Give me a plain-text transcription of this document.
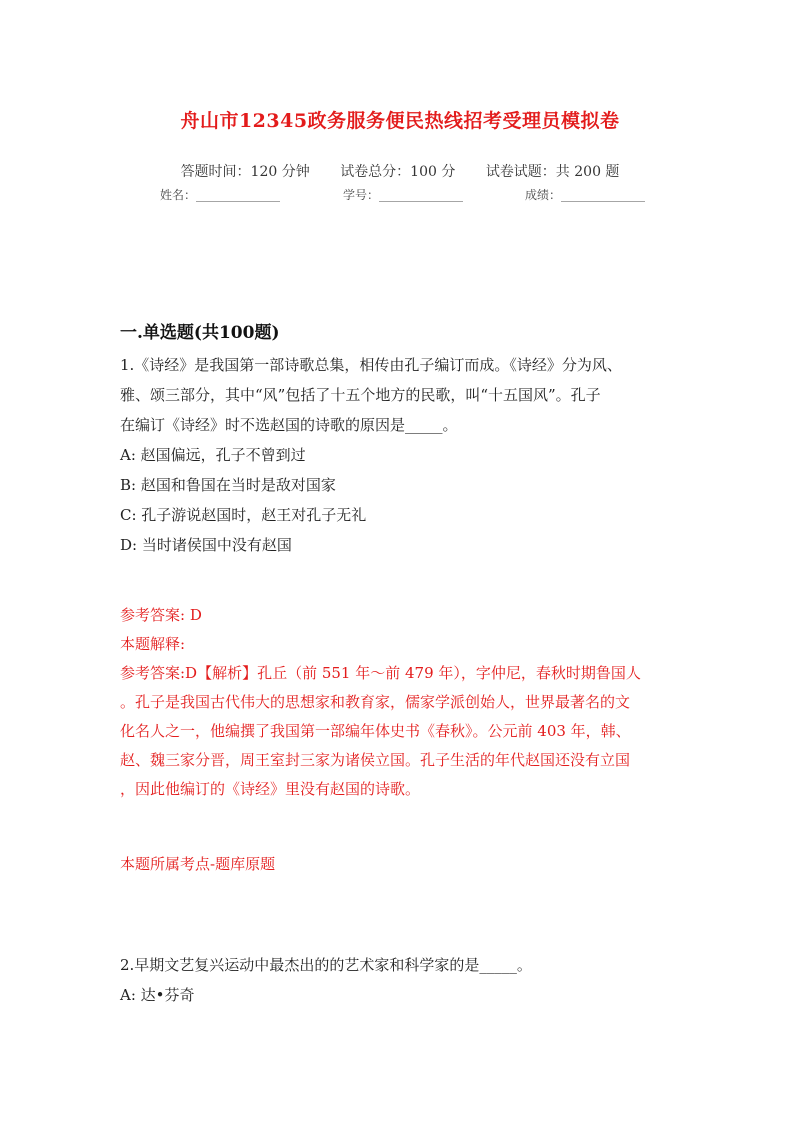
舟山市12345政务服务便民热线招考受理员模拟卷
答题时间：120 分钟 试卷总分：100 分 试卷试题：共 200 题
姓名：______________	学号：______________	成绩：______________
一.单选题(共100题)

1.《诗经》是我国第一部诗歌总集，相传由孔子编订而成。《诗经》分为风、

雅、颂三部分，其中“风”包括了十五个地方的民歌，叫“十五国风”。孔子

在编订《诗经》时不选赵国的诗歌的原因是_____。

A: 赵国偏远，孔子不曾到过

B: 赵国和鲁国在当时是敌对国家

C: 孔子游说赵国时，赵王对孔子无礼

D: 当时诸侯国中没有赵国

参考答案: D

本题解释:

参考答案:D【解析】孔丘（前 551 年～前 479 年），字仲尼，春秋时期鲁国人

。孔子是我国古代伟大的思想家和教育家，儒家学派创始人，世界最著名的文

化名人之一，他编撰了我国第一部编年体史书《春秋》。公元前 403 年，韩、

赵、魏三家分晋，周王室封三家为诸侯立国。孔子生活的年代赵国还没有立国

，因此他编订的《诗经》里没有赵国的诗歌。

本题所属考点-题库原题

2.早期文艺复兴运动中最杰出的的艺术家和科学家的是_____。

A: 达•芬奇
